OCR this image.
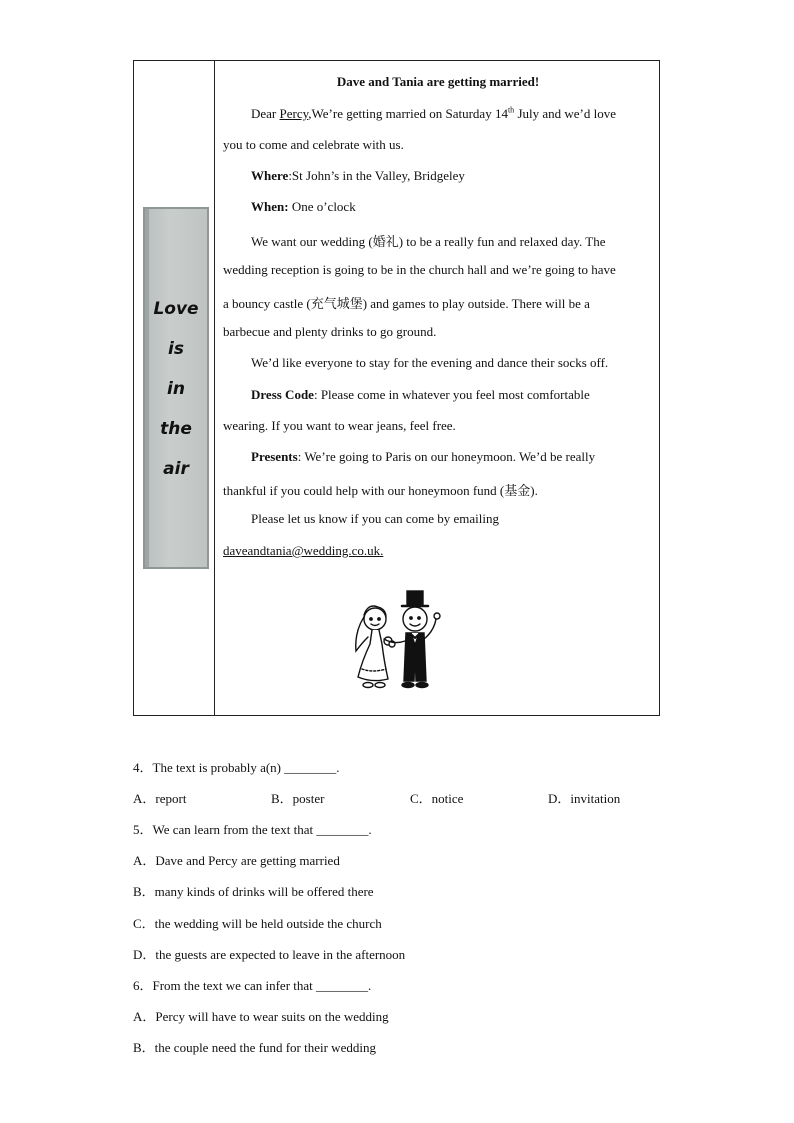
Love
is
in
the
air
Dave and Tania are getting married!
Dear Percy,We’re getting married on Saturday 14th July and we’d love
you to come and celebrate with us.
Where:St John’s in the Valley, Bridgeley
When: One o’clock
We want our wedding (婚礼) to be a really fun and relaxed day. The
wedding reception is going to be in the church hall and we’re going to have
a bouncy castle (充气城堡) and games to play outside. There will be a
barbecue and plenty drinks to go ground.
We’d like everyone to stay for the evening and dance their socks off.
Dress Code: Please come in whatever you feel most comfortable
wearing. If you want to wear jeans, feel free.
Presents: We’re going to Paris on our honeymoon. We’d be really
thankful if you could help with our honeymoon fund (基金).
Please let us know if you can come by emailing
daveandtania@wedding.co.uk.
4．The text is probably a(n) ________.
A．report	B．poster	C．notice	D．invitation
5．We can learn from the text that ________.
A．Dave and Percy are getting married
B．many kinds of drinks will be offered there
C．the wedding will be held outside the church
D．the guests are expected to leave in the afternoon
6．From the text we can infer that ________.
A．Percy will have to wear suits on the wedding
B．the couple need the fund for their wedding
